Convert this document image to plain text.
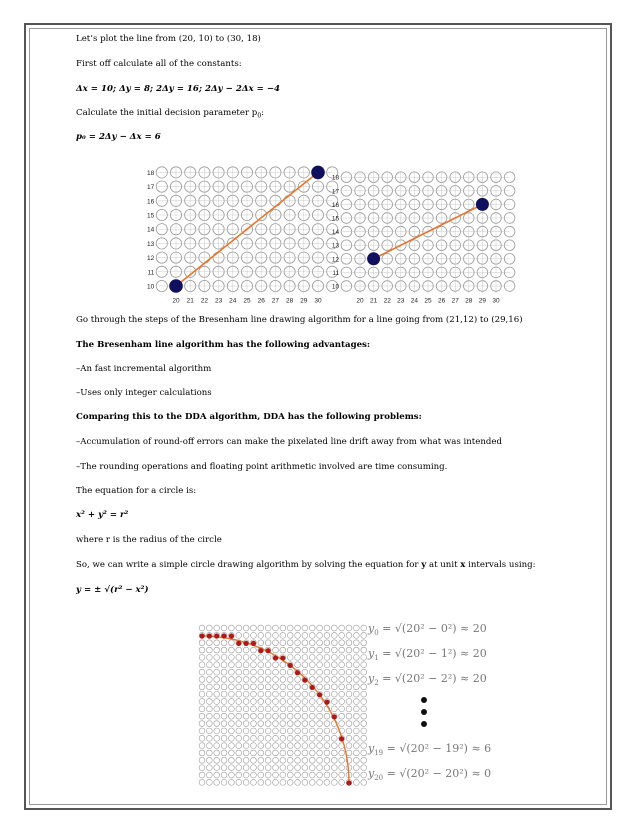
Let’s plot the line from (20, 10) to (30, 18)
First off calculate all of the constants:
Δx = 10; Δy = 8; 2Δy = 16; 2Δy − 2Δx = −4
Calculate the initial decision parameter $p_0$:
p₀ = 2Δy − Δx = 6
10
11
12
13
14
15
16
17
18
20 21 22 23 24 25 26 27 28 29 30
10
11
12
13
14
15
16
17
18
20 21 22 23 24 25 26 27 28 29 30
Go through the steps of the Bresenham line drawing algorithm for a line going from (21,12) to (29,16)
The Bresenham line algorithm has the following advantages:
–An fast incremental algorithm
–Uses only integer calculations
Comparing this to the DDA algorithm, DDA has the following problems:
–Accumulation of round-off errors can make the pixelated line drift away from what was intended
–The rounding operations and floating point arithmetic involved are time consuming.
The equation for a circle is:
x² + y² = r²
where r is the radius of the circle
So, we can write a simple circle drawing algorithm by solving the equation for y at unit x intervals using:
y = ± √(r² − x²)
$y_0 = √(20^2 - 0^2) \approx 20$
$y_1 = √(20^2 - 1^2) \approx 20$
$y_2 = √(20^2 - 2^2) \approx 20$
$y_{19} = √(20^2 - 19^2) \approx 6$
$y_{20} = √(20^2 - 20^2) \approx 0$
